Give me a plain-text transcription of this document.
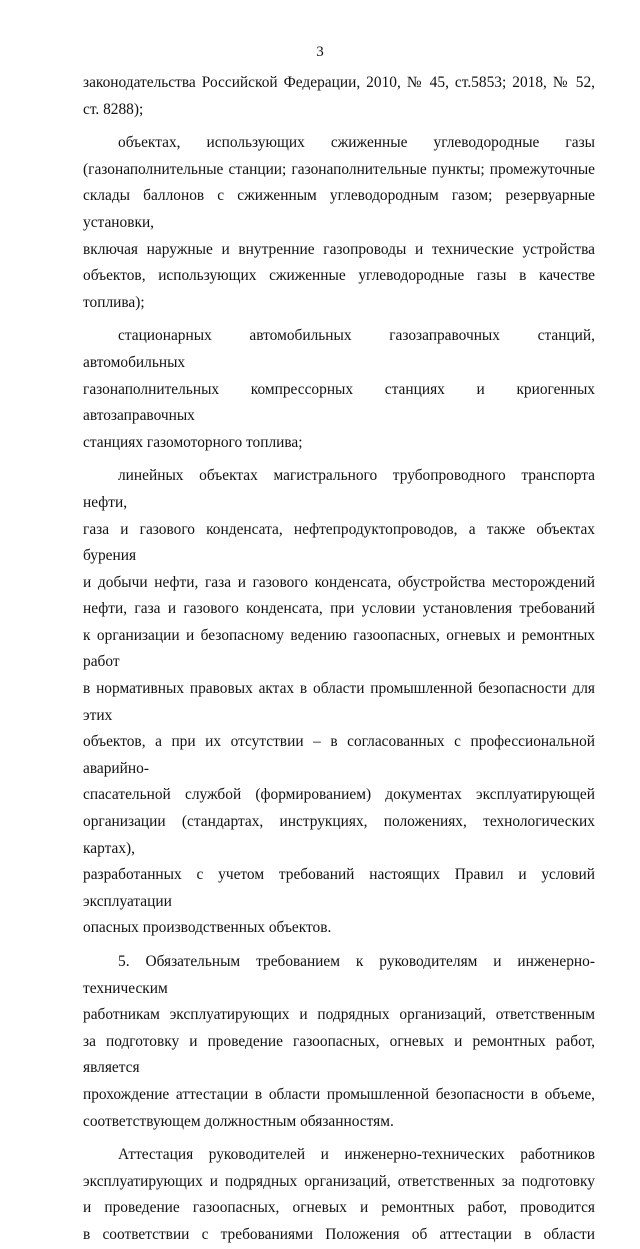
3

законодательства Российской Федерации, 2010, № 45, ст.5853; 2018, № 52,

ст. 8288);

объектах, использующих сжиженные углеводородные газы

(газонаполнительные станции; газонаполнительные пункты; промежуточные

склады баллонов с сжиженным углеводородным газом; резервуарные установки,

включая наружные и внутренние газопроводы и технические устройства

объектов, использующих сжиженные углеводородные газы в качестве топлива);

стационарных автомобильных газозаправочных станций, автомобильных

газонаполнительных компрессорных станциях и криогенных автозаправочных

станциях газомоторного топлива;

линейных объектах магистрального трубопроводного транспорта нефти,

газа и газового конденсата, нефтепродуктопроводов, а также объектах бурения

и добычи нефти, газа и газового конденсата, обустройства месторождений

нефти, газа и газового конденсата, при условии установления требований

к организации и безопасному ведению газоопасных, огневых и ремонтных работ

в нормативных правовых актах в области промышленной безопасности для этих

объектов, а при их отсутствии – в согласованных с профессиональной аварийно-

спасательной службой (формированием) документах эксплуатирующей

организации (стандартах, инструкциях, положениях, технологических картах),

разработанных с учетом требований настоящих Правил и условий эксплуатации

опасных производственных объектов.

5. Обязательным требованием к руководителям и инженерно-техническим

работникам эксплуатирующих и подрядных организаций, ответственным

за подготовку и проведение газоопасных, огневых и ремонтных работ, является

прохождение аттестации в области промышленной безопасности в объеме,

соответствующем должностным обязанностям.

Аттестация руководителей и инженерно-технических работников

эксплуатирующих и подрядных организаций, ответственных за подготовку

и проведение газоопасных, огневых и ремонтных работ, проводится

в соответствии с требованиями Положения об аттестации в области
